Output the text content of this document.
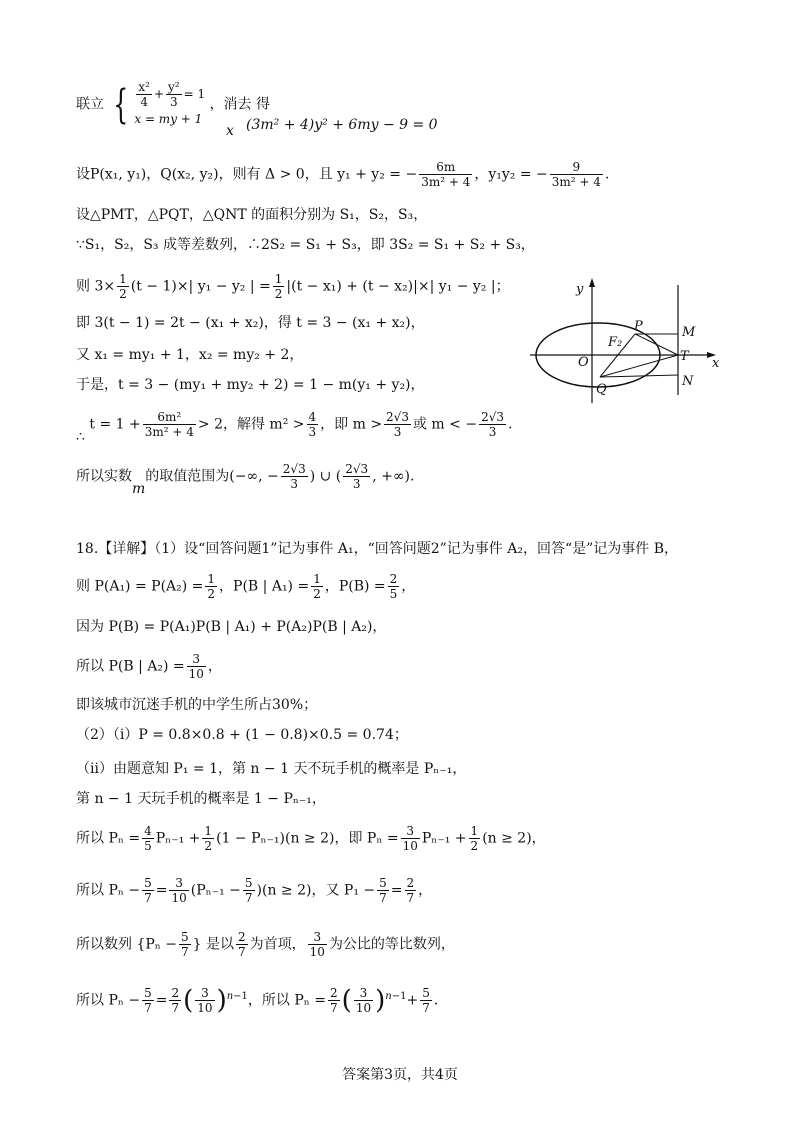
联立 { $\frac{\text{x²}}{4} + \frac{\text{y²}}{3} = 1$
x = my + 1
，消去 得
x (3m² + 4)y² + 6my − 9 = 0
设P(x₁, y₁)，Q(x₂, y₂)，则有 Δ > 0，且 y₁ + y₂ = − $\frac{6m}{\text{3m² + 4}}$ ，y₁y₂ = − $\frac{9}{\text{3m² + 4}}$ .
设△PMT，△PQT，△QNT 的面积分别为 S₁，S₂，S₃，
∵S₁，S₂，S₃ 成等差数列，∴2S₂ = S₁ + S₃，即 3S₂ = S₁ + S₂ + S₃，
则 $3\times \frac{1}{2} (t - 1)\times|$ y₁ − y₂ | = $\frac{1}{2} |(t - x_1) + (t - x_2)|\times|$ y₁ − y₂ |；
即 3(t − 1) = 2t − (x₁ + x₂)，得 t = 3 − (x₁ + x₂)，
又 x₁ = my₁ + 1，x₂ = my₂ + 2，
于是，t = 3 − (my₁ + my₂ + 2) = 1 − m(y₁ + y₂)，
∴ $t = 1 + \frac{\text{6m²}}{\text{3m² + 4}} > 2$，解得 $m^2 > \frac{4}{3}$ ，即 $m > \frac{2√3}{3}$ 或 m < − $\frac{2√3}{3}$ .
所以实数m的取值范围为(−∞, − $\frac{2√3}{3}$ ) ∪ ( $\frac{2√3}{3}$ , +∞).
y
P	M
F₂
O	T x
N
Q
18.【详解】（1）设“回答问题1”记为事件 A₁，“回答问题2”记为事件 A₂，回答“是”记为事件 B，
则 $P(A_1) = P(A_2) = \frac{1}{2}$ ，P(B | $A_1) = \frac{1}{2}$ ，$P(B) = \frac{2}{5}$ ，
因为 P(B) = P(A₁)P(B | A₁) + P(A₂)P(B | A₂)，
所以 P(B | $A_2) = \frac{3}{10}$ ，
即该城市沉迷手机的中学生所占30%；
（2）（ⅰ）P = 0.8×0.8 + (1 − 0.8)×0.5 = 0.74；
（ⅱ）由题意知 P₁ = 1，第 n − 1 天不玩手机的概率是 Pₙ₋₁，
第 n − 1 天玩手机的概率是 1 − Pₙ₋₁，
所以 $P_n = \frac{4}{5} P_{n-1} + \frac{1}{2} (1 - P_{n-1})(n \ge 2)$，即 $P_n = \frac{3}{10} P_{n-1} + \frac{1}{2} (n \ge 2)$，
所以 $P_n - \frac{5}{7} = \frac{3}{10} (P_{n-1} - \frac{5}{7} )(n \ge 2)$，又 $P_1 - \frac{5}{7} = \frac{2}{7}$ ，
所以数列 {$P_n - \frac{5}{7}$ } 是以 $\frac{2}{7}$ 为首项， $\frac{3}{10}$ 为公比的等比数列，
所以 $P_n - \frac{5}{7} = \frac{2}{7}$ ( $\frac{3}{10} )^{n-1}$，所以 $P_n = \frac{2}{7}$ ( $\frac{3}{10} )^{n-1}+ \frac{5}{7}$ .
答案第3页，共4页
